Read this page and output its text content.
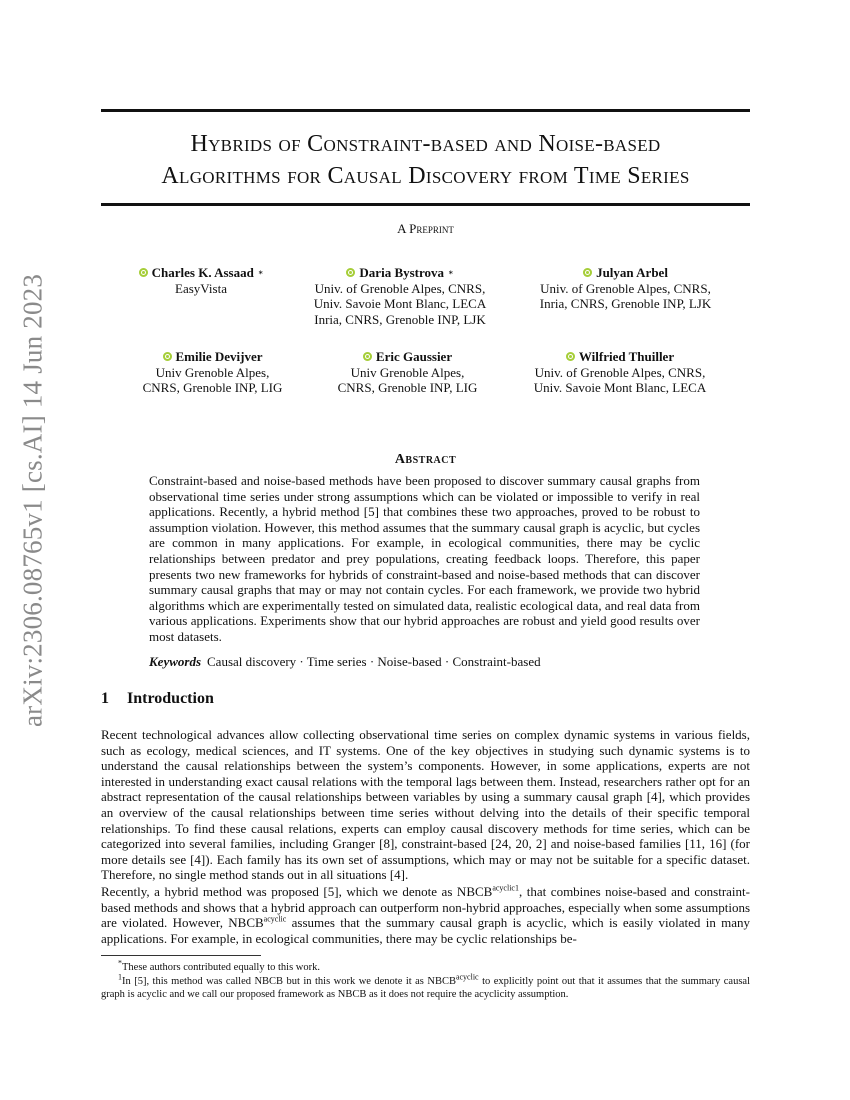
arXiv:2306.08765v1 [cs.AI] 14 Jun 2023
Hybrids of Constraint-based and Noise-based
Algorithms for Causal Discovery from Time Series
A Preprint
Charles K. Assaad ∗
EasyVista
Daria Bystrova ∗
Univ. of Grenoble Alpes, CNRS,
Univ. Savoie Mont Blanc, LECA
Inria, CNRS, Grenoble INP, LJK
Julyan Arbel
Univ. of Grenoble Alpes, CNRS,
Inria, CNRS, Grenoble INP, LJK
Emilie Devijver
Univ Grenoble Alpes,
CNRS, Grenoble INP, LIG
Eric Gaussier
Univ Grenoble Alpes,
CNRS, Grenoble INP, LIG
Wilfried Thuiller
Univ. of Grenoble Alpes, CNRS,
Univ. Savoie Mont Blanc, LECA
Abstract

Constraint-based and noise-based methods have been proposed to discover summary causal graphs from observational time series under strong assumptions which can be violated or impossible to verify in real applications. Recently, a hybrid method [5] that combines these two approaches, proved to be robust to assumption violation. However, this method assumes that the summary causal graph is acyclic, but cycles are common in many applications. For example, in ecological communities, there may be cyclic relationships between predator and prey populations, creating feedback loops. Therefore, this paper presents two new frameworks for hybrids of constraint-based and noise-based methods that can discover summary causal graphs that may or may not contain cycles. For each framework, we provide two hybrid algorithms which are experimentally tested on simulated data, realistic ecological data, and real data from various applications. Experiments show that our hybrid approaches are robust and yield good results over most datasets.

Keywords Causal discovery · Time series · Noise-based · Constraint-based
1 Introduction

Recent technological advances allow collecting observational time series on complex dynamic systems in various fields, such as ecology, medical sciences, and IT systems. One of the key objectives in studying such dynamic systems is to understand the causal relationships between the system’s components. However, in some applications, experts are not interested in understanding exact causal relations with the temporal lags between them. Instead, researchers rather opt for an abstract representation of the causal relationships between variables by using a summary causal graph [4], which provides an overview of the causal relationships between time series without delving into the details of their specific temporal relationships. To find these causal relations, experts can employ causal discovery methods for time series, which can be categorized into several families, including Granger [8], constraint-based [24, 20, 2] and noise-based families [11, 16] (for more details see [4]). Each family has its own set of assumptions, which may or may not be suitable for a specific dataset. Therefore, no single method stands out in all situations [4].

Recently, a hybrid method was proposed [5], which we denote as $NBCB^{acyclic1}$, that combines noise-based and constraint-based methods and shows that a hybrid approach can outperform non-hybrid approaches, especially when some assumptions are violated. However, $NBCB^{acyclic}$ assumes that the summary causal graph is acyclic, which is easily violated in many applications. For example, in ecological communities, there may be cyclic relationships be-

*These authors contributed equally to this work.

$^1$In [5], this method was called NBCB but in this work we denote it as $NBCB^{acyclic}$ to explicitly point out that it assumes that the summary causal graph is acyclic and we call our proposed framework as NBCB as it does not require the acyclicity assumption.
